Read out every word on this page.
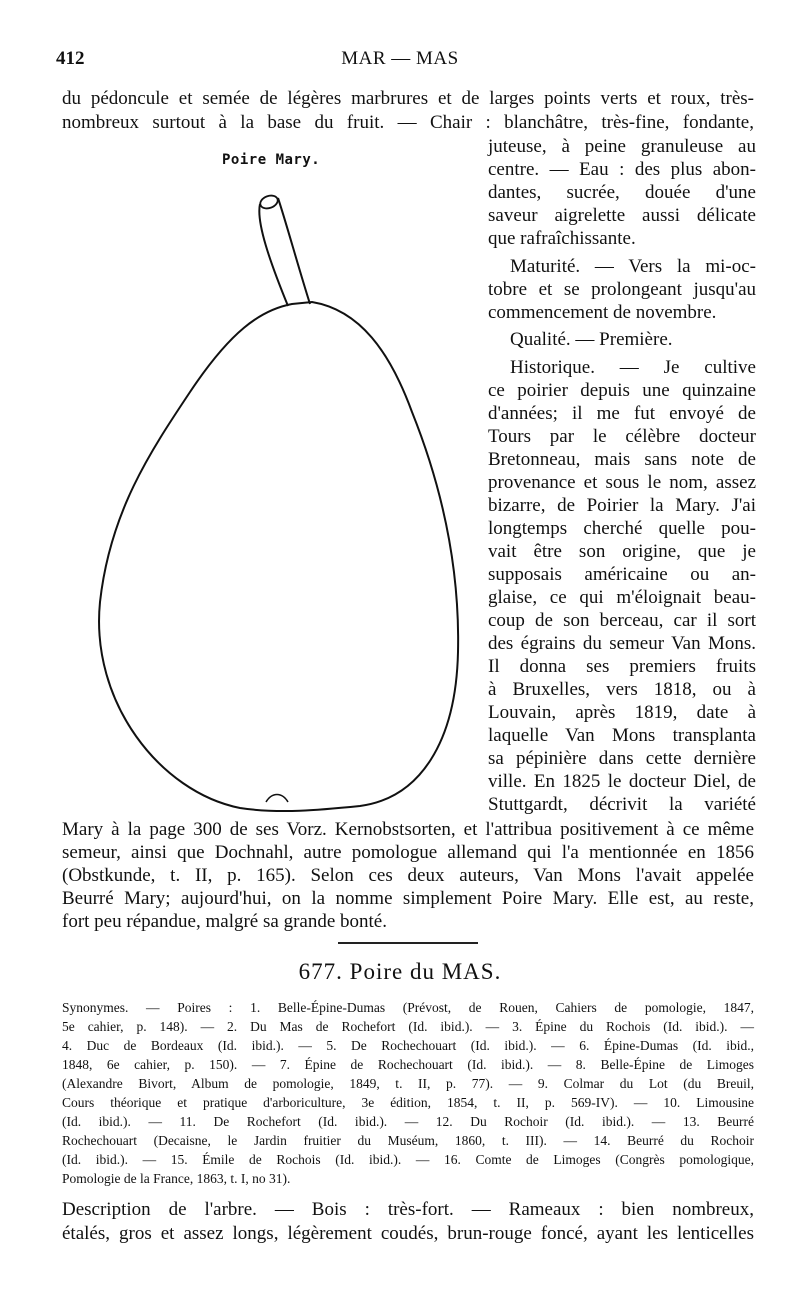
412	MAR — MAS
du pédoncule et semée de légères marbrures et de larges points verts et roux, très-
nombreux surtout à la base du fruit. — Chair : blanchâtre, très-fine, fondante,
Poire Mary.
juteuse, à peine granuleuse au
centre. — Eau : des plus abon-
dantes, sucrée, douée d'une
saveur aigrelette aussi délicate
que rafraîchissante.
Maturité. — Vers la mi-oc-
tobre et se prolongeant jusqu'au
commencement de novembre.
Qualité. — Première.
Historique. — Je cultive
ce poirier depuis une quinzaine
d'années; il me fut envoyé de
Tours par le célèbre docteur
Bretonneau, mais sans note de
provenance et sous le nom, assez
bizarre, de Poirier la Mary. J'ai
longtemps cherché quelle pou-
vait être son origine, que je
supposais américaine ou an-
glaise, ce qui m'éloignait beau-
coup de son berceau, car il sort
des égrains du semeur Van Mons.
Il donna ses premiers fruits
à Bruxelles, vers 1818, ou à
Louvain, après 1819, date à
laquelle Van Mons transplanta
sa pépinière dans cette dernière
ville. En 1825 le docteur Diel, de
Stuttgardt, décrivit la variété
Mary à la page 300 de ses Vorz. Kernobstsorten, et l'attribua positivement à ce même
semeur, ainsi que Dochnahl, autre pomologue allemand qui l'a mentionnée en 1856
(Obstkunde, t. II, p. 165). Selon ces deux auteurs, Van Mons l'avait appelée
Beurré Mary; aujourd'hui, on la nomme simplement Poire Mary. Elle est, au reste,
fort peu répandue, malgré sa grande bonté.
677. Poire du MAS.
Synonymes. — Poires : 1. Belle-Épine-Dumas (Prévost, de Rouen, Cahiers de pomologie, 1847,
5e cahier, p. 148). — 2. Du Mas de Rochefort (Id. ibid.). — 3. Épine du Rochois (Id. ibid.). —
4. Duc de Bordeaux (Id. ibid.). — 5. De Rochechouart (Id. ibid.). — 6. Épine-Dumas (Id. ibid.,
1848, 6e cahier, p. 150). — 7. Épine de Rochechouart (Id. ibid.). — 8. Belle-Épine de Limoges
(Alexandre Bivort, Album de pomologie, 1849, t. II, p. 77). — 9. Colmar du Lot (du Breuil,
Cours théorique et pratique d'arboriculture, 3e édition, 1854, t. II, p. 569-IV). — 10. Limousine
(Id. ibid.). — 11. De Rochefort (Id. ibid.). — 12. Du Rochoir (Id. ibid.). — 13. Beurré
Rochechouart (Decaisne, le Jardin fruitier du Muséum, 1860, t. III). — 14. Beurré du Rochoir
(Id. ibid.). — 15. Émile de Rochois (Id. ibid.). — 16. Comte de Limoges (Congrès pomologique,
Pomologie de la France, 1863, t. I, no 31).
Description de l'arbre. — Bois : très-fort. — Rameaux : bien nombreux,
étalés, gros et assez longs, légèrement coudés, brun-rouge foncé, ayant les lenticelles
